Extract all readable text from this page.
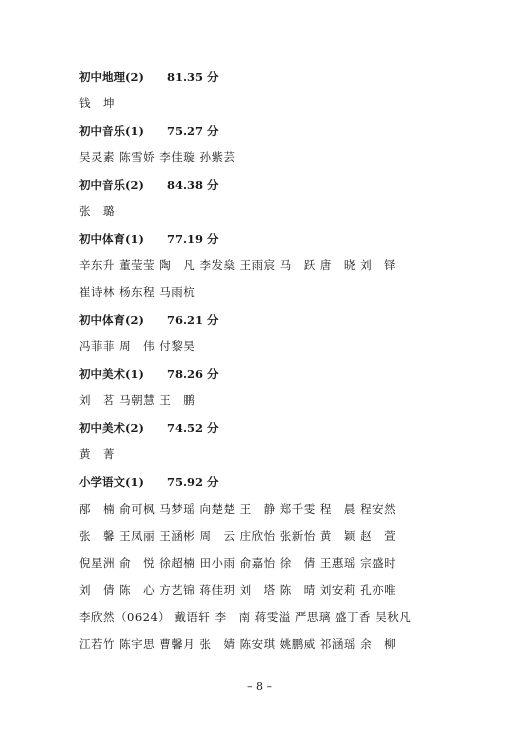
初中地理(2) 81.35 分
钱　坤
初中音乐(1) 75.27 分
吴灵素 陈雪娇 李佳璇 孙紫芸
初中音乐(2) 84.38 分
张　璐
初中体育(1) 77.19 分
辛东升 董莹莹 陶　凡 李发燊 王雨宸 马　跃 唐　晓 刘　铎
崔诗林 杨东程 马雨杭
初中体育(2) 76.21 分
冯菲菲 周　伟 付黎昊
初中美术(1) 78.26 分
刘　茗 马朝慧 王　鹏
初中美术(2) 74.52 分
黄　菁
小学语文(1) 75.92 分
邴　楠 俞可枫 马梦瑶 向楚楚 王　静 郑千雯 程　晨 程安然
张　馨 王凤丽 王涵彬 周　云 庄欣怡 张新怡 黄　颖 赵　萱
倪星洲 俞　悦 徐超楠 田小雨 俞嘉怡 徐　倩 王惠瑶 宗盛时
刘　倩 陈　心 方艺锦 蒋佳玥 刘　塔 陈　晴 刘安莉 孔亦唯
李欣然（0624） 戴语轩 李　南 蒋雯溢 严思璃 盛丁香 吴秋凡
江若竹 陈宇思 曹馨月 张　婧 陈安琪 姚鹏威 祁涵瑶 余　柳
– 8 –
